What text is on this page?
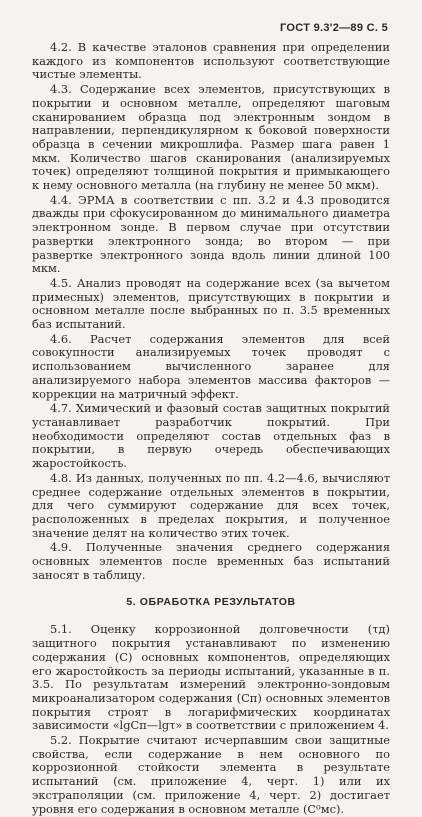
ГОСТ 9.3'2—89 С. 5

4.2. В качестве эталонов сравнения при определении каждого из компонентов используют соответствующие чистые элементы.

4.3. Содержание всех элементов, присутствующих в покрытии и основном металле, определяют шаговым сканированием образца под электронным зондом в направлении, перпендикулярном к боковой поверхности образца в сечении микрошлифа. Размер шага равен 1 мкм. Количество шагов сканирования (анализируемых точек) определяют толщиной покрытия и примыкающего к нему основного металла (на глубину не менее 50 мкм).

4.4. ЭРМА в соответствии с пп. 3.2 и 4.3 проводится дважды при сфокусированном до минимального диаметра электронном зонде. В первом случае при отсутствии развертки электронного зонда; во втором — при развертке электронного зонда вдоль линии длиной 100 мкм.

4.5. Анализ проводят на содержание всех (за вычетом примесных) элементов, присутствующих в покрытии и основном металле после выбранных по п. 3.5 временных баз испытаний.

4.6. Расчет содержания элементов для всей совокупности анализируемых точек проводят с использованием вычисленного заранее для анализируемого набора элементов массива факторов — коррекции на матричный эффект.

4.7. Химический и фазовый состав защитных покрытий устанавливает разработчик покрытий. При необходимости определяют состав отдельных фаз в покрытии, в первую очередь обеспечивающих жаростойкость.

4.8. Из данных, полученных по пп. 4.2—4.6, вычисляют среднее содержание отдельных элементов в покрытии, для чего суммируют содержание для всех точек, расположенных в пределах покрытия, и полученное значение делят на количество этих точек.

4.9. Полученные значения среднего содержания основных элементов после временных баз испытаний заносят в таблицу.

5. ОБРАБОТКА РЕЗУЛЬТАТОВ

5.1. Оценку коррозионной долговечности (τд) защитного покрытия устанавливают по изменению содержания (С) основных компонентов, определяющих его жаростойкость за периоды испытаний, указанные в п. 3.5. По результатам измерений электронно-зондовым микроанализатором содержания (Сп) основных элементов покрытия строят в логарифмических координатах зависимости «lgCп—lgτ» в соответствии с приложением 4.

5.2. Покрытие считают исчерпавшим свои защитные свойства, если содержание в нем основного по коррозионной стойкости элемента в результате испытаний (см. приложение 4, черт. 1) или их экстраполяции (см. приложение 4, черт. 2) достигает уровня его содержания в основном металле (С⁰мс).
